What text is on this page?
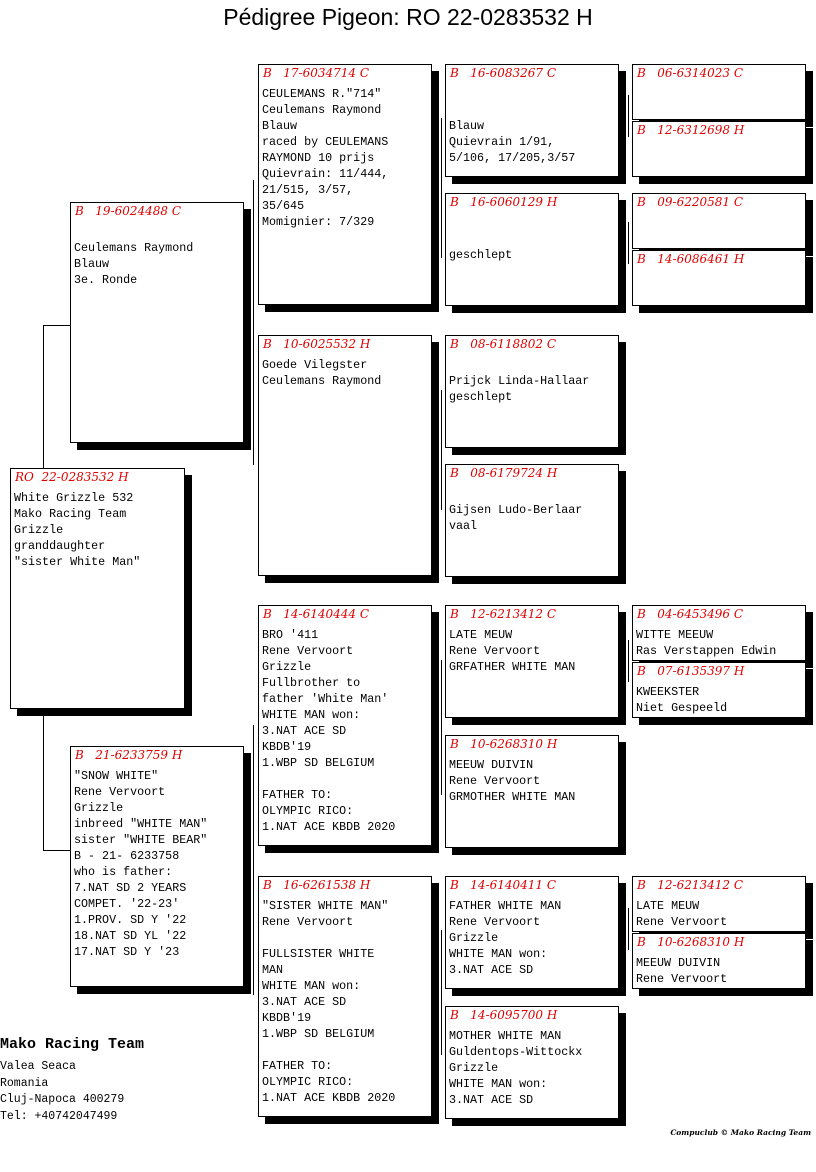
Pédigree Pigeon: RO 22-0283532 H
RO  22-0283532 H
White Grizzle 532
Mako Racing Team
Grizzle
granddaughter
"sister White Man"
B   19-6024488 C
Ceulemans Raymond
Blauw
3e. Ronde
B   21-6233759 H
"SNOW WHITE"
Rene Vervoort
Grizzle
inbreed "WHITE MAN"
sister "WHITE BEAR"
B - 21- 6233758
who is father:
7.NAT SD 2 YEARS
COMPET. '22-23'
1.PROV. SD Y '22
18.NAT SD YL '22
17.NAT SD Y '23
B   17-6034714 C
CEULEMANS R."714"
Ceulemans Raymond
Blauw
raced by CEULEMANS
RAYMOND 10 prijs
Quievrain: 11/444,
21/515, 3/57,
35/645
Momignier: 7/329
B   10-6025532 H
Goede Vilegster
Ceulemans Raymond
B   14-6140444 C
BRO '411
Rene Vervoort
Grizzle
Fullbrother to
father 'White Man'
WHITE MAN won:
3.NAT ACE SD
KBDB'19
1.WBP SD BELGIUM

FATHER TO:
OLYMPIC RICO:
1.NAT ACE KBDB 2020
B   16-6261538 H
"SISTER WHITE MAN"
Rene Vervoort

FULLSISTER WHITE
MAN
WHITE MAN won:
3.NAT ACE SD
KBDB'19
1.WBP SD BELGIUM

FATHER TO:
OLYMPIC RICO:
1.NAT ACE KBDB 2020
B   16-6083267 C
Blauw
Quievrain 1/91,
5/106, 17/205,3/57
B   16-6060129 H
geschlept
B   08-6118802 C
Prijck Linda-Hallaar
geschlept
B   08-6179724 H
Gijsen Ludo-Berlaar
vaal
B   12-6213412 C
LATE MEUW
Rene Vervoort
GRFATHER WHITE MAN
B   10-6268310 H
MEEUW DUIVIN
Rene Vervoort
GRMOTHER WHITE MAN
B   14-6140411 C
FATHER WHITE MAN
Rene Vervoort
Grizzle
WHITE MAN won:
3.NAT ACE SD
B   14-6095700 H
MOTHER WHITE MAN
Guldentops-Wittockx
Grizzle
WHITE MAN won:
3.NAT ACE SD
B   06-6314023 C
B   12-6312698 H
B   09-6220581 C
B   14-6086461 H
B   04-6453496 C
WITTE MEEUW
Ras Verstappen Edwin
B   07-6135397 H
KWEEKSTER
Niet Gespeeld
B   12-6213412 C
LATE MEUW
Rene Vervoort
B   10-6268310 H
MEEUW DUIVIN
Rene Vervoort
Mako Racing Team
Valea Seaca
Romania
Cluj-Napoca 400279
Tel: +40742047499
Compuclub © Mako Racing Team
